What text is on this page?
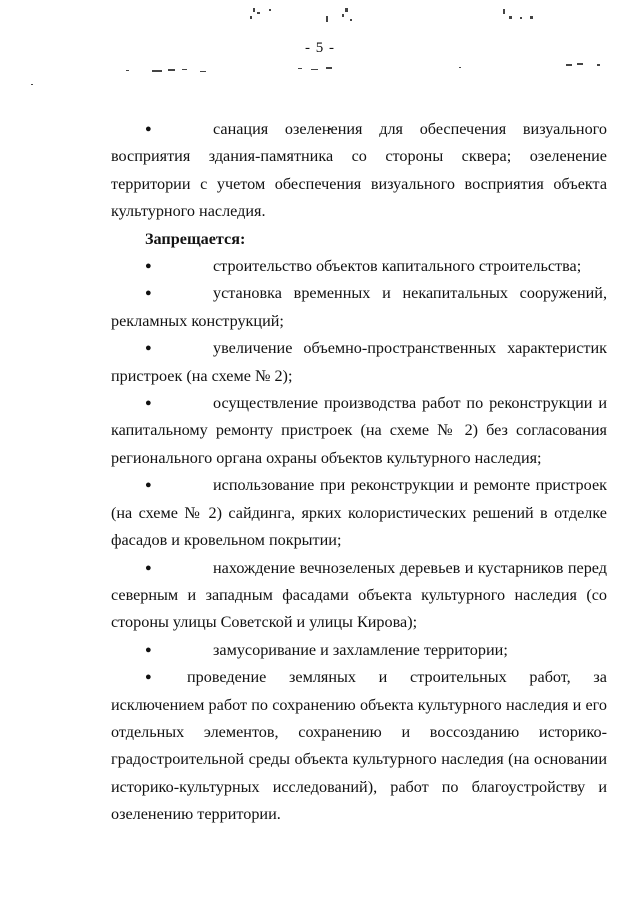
- 5 -

●	санация озеленения для обеспечения визуального восприятия здания-памятника со стороны сквера; озеленение территории с учетом обеспечения визуального восприятия объекта культурного наследия.

Запрещается:

●	строительство объектов капитального строительства;

●	установка временных и некапитальных сооружений, рекламных конструкций;

●	увеличение объемно-пространственных характеристик пристроек (на схеме № 2);

●	осуществление производства работ по реконструкции и капитальному ремонту пристроек (на схеме № 2) без согласования регионального органа охраны объектов культурного наследия;

●	использование при реконструкции и ремонте пристроек (на схеме № 2) сайдинга, ярких колористических решений в отделке фасадов и кровельном покрытии;

●	нахождение вечнозеленых деревьев и кустарников перед северным и западным фасадами объекта культурного наследия (со стороны улицы Советской и улицы Кирова);

●	замусоривание и захламление территории;

● проведение земляных и строительных работ, за исключением работ по сохранению объекта культурного наследия и его отдельных элементов, сохранению и воссозданию историко-градостроительной среды объекта культурного наследия (на основании историко-культурных исследований), работ по благоустройству и озеленению территории.
